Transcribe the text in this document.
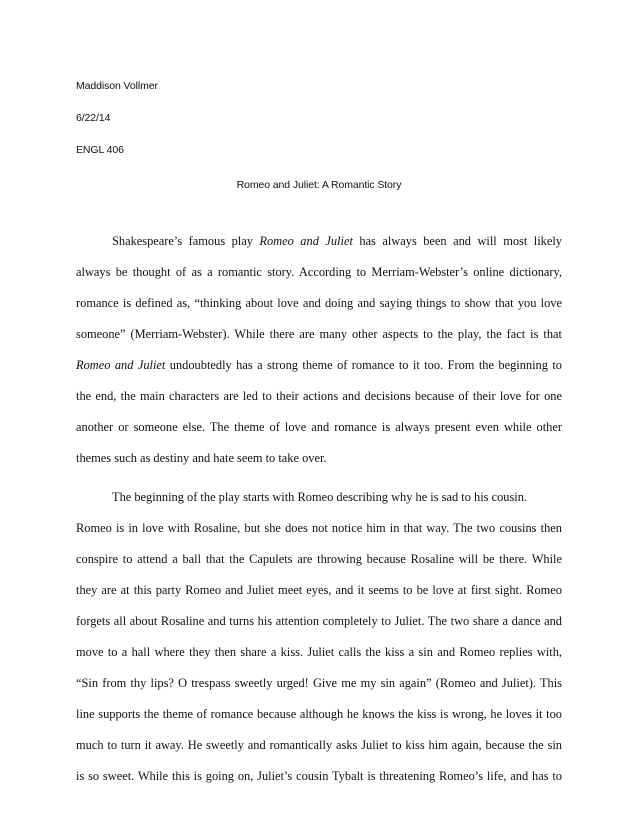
Maddison Vollmer
6/22/14
ENGL 406
Romeo and Juliet: A Romantic Story
Shakespeare’s famous play Romeo and Juliet has always been and will most likely
always be thought of as a romantic story. According to Merriam-Webster’s online dictionary,
romance is defined as, “thinking about love and doing and saying things to show that you love
someone” (Merriam-Webster). While there are many other aspects to the play, the fact is that
Romeo and Juliet undoubtedly has a strong theme of romance to it too. From the beginning to
the end, the main characters are led to their actions and decisions because of their love for one
another or someone else. The theme of love and romance is always present even while other
themes such as destiny and hate seem to take over.
The beginning of the play starts with Romeo describing why he is sad to his cousin.
Romeo is in love with Rosaline, but she does not notice him in that way. The two cousins then
conspire to attend a ball that the Capulets are throwing because Rosaline will be there. While
they are at this party Romeo and Juliet meet eyes, and it seems to be love at first sight. Romeo
forgets all about Rosaline and turns his attention completely to Juliet. The two share a dance and
move to a hall where they then share a kiss. Juliet calls the kiss a sin and Romeo replies with,
“Sin from thy lips? O trespass sweetly urged! Give me my sin again” (Romeo and Juliet). This
line supports the theme of romance because although he knows the kiss is wrong, he loves it too
much to turn it away. He sweetly and romantically asks Juliet to kiss him again, because the sin
is so sweet. While this is going on, Juliet’s cousin Tybalt is threatening Romeo’s life, and has to
